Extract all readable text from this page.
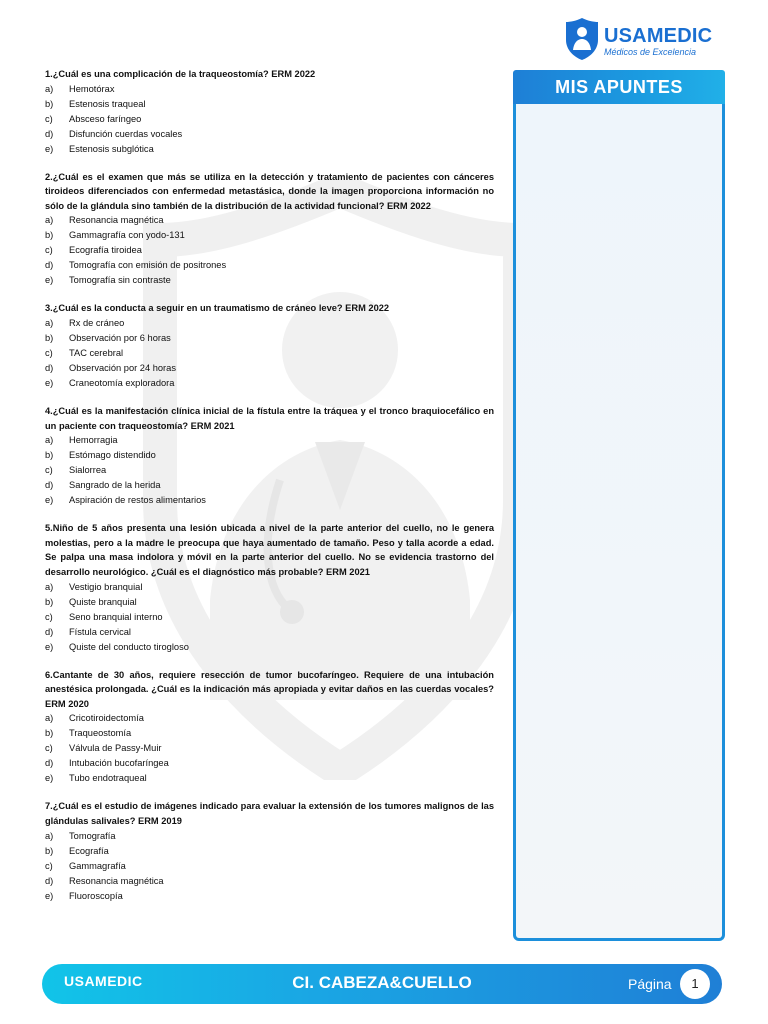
USAMEDIC
Médicos de Excelencia
1.¿Cuál es una complicación de la traqueostomía? ERM 2022
a)	Hemotórax
b)	Estenosis traqueal
c)	Absceso faríngeo
d)	Disfunción cuerdas vocales
e)	Estenosis subglótica
2.¿Cuál es el examen que más se utiliza en la detección y tratamiento de pacientes con cánceres tiroideos diferenciados con enfermedad metastásica, donde la imagen proporciona información no sólo de la glándula sino también de la distribución de la actividad funcional? ERM 2022
a)	Resonancia magnética
b)	Gammagrafía con yodo-131
c)	Ecografía tiroidea
d)	Tomografía con emisión de positrones
e)	Tomografía sin contraste
3.¿Cuál es la conducta a seguir en un traumatismo de cráneo leve? ERM 2022
a)	Rx de cráneo
b)	Observación por 6 horas
c)	TAC cerebral
d)	Observación por 24 horas
e)	Craneotomía exploradora
4.¿Cuál es la manifestación clínica inicial de la fístula entre la tráquea y el tronco braquiocefálico en un paciente con traqueostomía? ERM 2021
a)	Hemorragia
b)	Estómago distendido
c)	Sialorrea
d)	Sangrado de la herida
e)	Aspiración de restos alimentarios
5.Niño de 5 años presenta una lesión ubicada a nivel de la parte anterior del cuello, no le genera molestias, pero a la madre le preocupa que haya aumentado de tamaño. Peso y talla acorde a edad. Se palpa una masa indolora y móvil en la parte anterior del cuello. No se evidencia trastorno del desarrollo neurológico. ¿Cuál es el diagnóstico más probable? ERM 2021
a)	Vestigio branquial
b)	Quiste branquial
c)	Seno branquial interno
d)	Fístula cervical
e)	Quiste del conducto tirogloso
6.Cantante de 30 años, requiere resección de tumor bucofaríngeo. Requiere de una intubación anestésica prolongada. ¿Cuál es la indicación más apropiada y evitar daños en las cuerdas vocales? ERM 2020
a)	Cricotiroidectomía
b)	Traqueostomía
c)	Válvula de Passy-Muir
d)	Intubación bucofaríngea
e)	Tubo endotraqueal
7.¿Cuál es el estudio de imágenes indicado para evaluar la extensión de los tumores malignos de las glándulas salivales? ERM 2019
a)	Tomografía
b)	Ecografía
c)	Gammagrafía
d)	Resonancia magnética
e)	Fluoroscopía
MIS APUNTES
USAMEDIC	CI. CABEZA&CUELLO	Página	1
